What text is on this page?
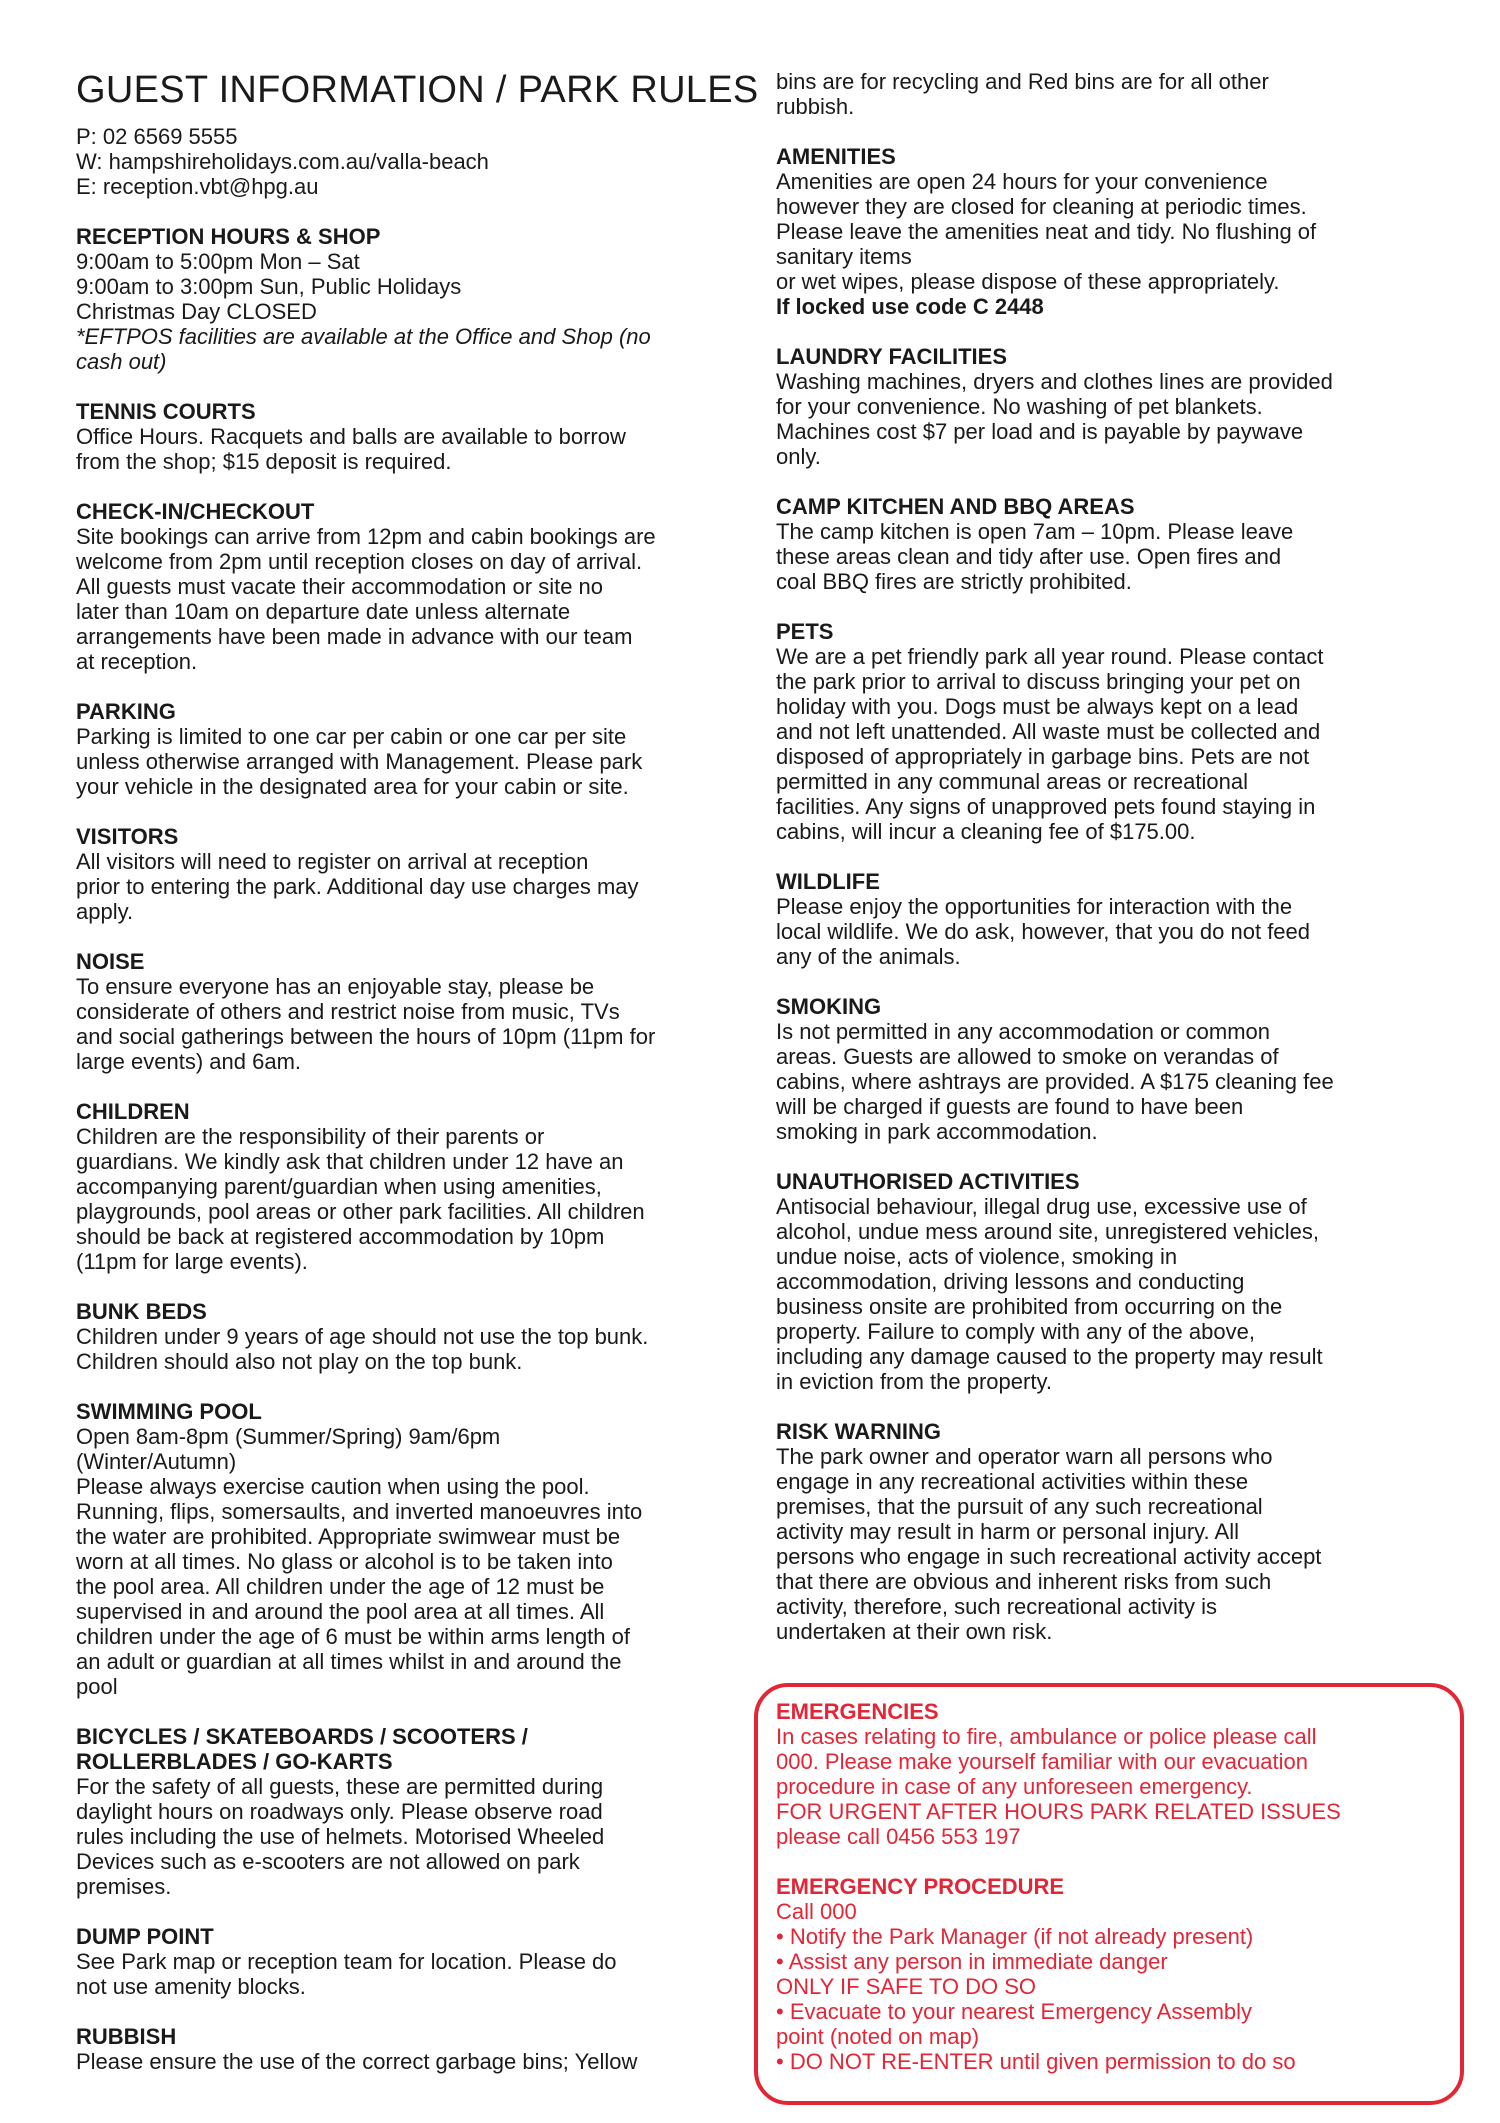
GUEST INFORMATION / PARK RULES
P: 02 6569 5555
W: hampshireholidays.com.au/valla-beach
E: reception.vbt@hpg.au
RECEPTION HOURS & SHOP

9:00am to 5:00pm Mon – Sat
9:00am to 3:00pm Sun, Public Holidays
Christmas Day CLOSED

*EFTPOS facilities are available at the Office and Shop (no
cash out)

TENNIS COURTS

Office Hours. Racquets and balls are available to borrow
from the shop; $15 deposit is required.

CHECK-IN/CHECKOUT

Site bookings can arrive from 12pm and cabin bookings are
welcome from 2pm until reception closes on day of arrival.
All guests must vacate their accommodation or site no
later than 10am on departure date unless alternate
arrangements have been made in advance with our team
at reception.

PARKING

Parking is limited to one car per cabin or one car per site
unless otherwise arranged with Management. Please park
your vehicle in the designated area for your cabin or site.

VISITORS

All visitors will need to register on arrival at reception
prior to entering the park. Additional day use charges may
apply.

NOISE

To ensure everyone has an enjoyable stay, please be
considerate of others and restrict noise from music, TVs
and social gatherings between the hours of 10pm (11pm for
large events) and 6am.

CHILDREN

Children are the responsibility of their parents or
guardians. We kindly ask that children under 12 have an
accompanying parent/guardian when using amenities,
playgrounds, pool areas or other park facilities. All children
should be back at registered accommodation by 10pm
(11pm for large events).

BUNK BEDS

Children under 9 years of age should not use the top bunk.
Children should also not play on the top bunk.

SWIMMING POOL

Open 8am-8pm (Summer/Spring) 9am/6pm
(Winter/Autumn)
Please always exercise caution when using the pool.
Running, flips, somersaults, and inverted manoeuvres into
the water are prohibited. Appropriate swimwear must be
worn at all times. No glass or alcohol is to be taken into
the pool area. All children under the age of 12 must be
supervised in and around the pool area at all times. All
children under the age of 6 must be within arms length of
an adult or guardian at all times whilst in and around the
pool

BICYCLES / SKATEBOARDS / SCOOTERS /
ROLLERBLADES / GO-KARTS

For the safety of all guests, these are permitted during
daylight hours on roadways only. Please observe road
rules including the use of helmets. Motorised Wheeled
Devices such as e-scooters are not allowed on park
premises.

DUMP POINT

See Park map or reception team for location. Please do
not use amenity blocks.

RUBBISH

Please ensure the use of the correct garbage bins; Yellow

bins are for recycling and Red bins are for all other
rubbish.

AMENITIES

Amenities are open 24 hours for your convenience
however they are closed for cleaning at periodic times.
Please leave the amenities neat and tidy. No flushing of
sanitary items
or wet wipes, please dispose of these appropriately.

If locked use code C 2448

LAUNDRY FACILITIES

Washing machines, dryers and clothes lines are provided
for your convenience. No washing of pet blankets.
Machines cost $7 per load and is payable by paywave
only.

CAMP KITCHEN AND BBQ AREAS

The camp kitchen is open 7am – 10pm. Please leave
these areas clean and tidy after use. Open fires and
coal BBQ fires are strictly prohibited.

PETS

We are a pet friendly park all year round. Please contact
the park prior to arrival to discuss bringing your pet on
holiday with you. Dogs must be always kept on a lead
and not left unattended. All waste must be collected and
disposed of appropriately in garbage bins. Pets are not
permitted in any communal areas or recreational
facilities. Any signs of unapproved pets found staying in
cabins, will incur a cleaning fee of $175.00.

WILDLIFE

Please enjoy the opportunities for interaction with the
local wildlife. We do ask, however, that you do not feed
any of the animals.

SMOKING

Is not permitted in any accommodation or common
areas. Guests are allowed to smoke on verandas of
cabins, where ashtrays are provided. A $175 cleaning fee
will be charged if guests are found to have been
smoking in park accommodation.

UNAUTHORISED ACTIVITIES

Antisocial behaviour, illegal drug use, excessive use of
alcohol, undue mess around site, unregistered vehicles,
undue noise, acts of violence, smoking in
accommodation, driving lessons and conducting
business onsite are prohibited from occurring on the
property. Failure to comply with any of the above,
including any damage caused to the property may result
in eviction from the property.

RISK WARNING

The park owner and operator warn all persons who
engage in any recreational activities within these
premises, that the pursuit of any such recreational
activity may result in harm or personal injury. All
persons who engage in such recreational activity accept
that there are obvious and inherent risks from such
activity, therefore, such recreational activity is
undertaken at their own risk.

EMERGENCIES

In cases relating to fire, ambulance or police please call
000. Please make yourself familiar with our evacuation
procedure in case of any unforeseen emergency.
FOR URGENT AFTER HOURS PARK RELATED ISSUES
please call 0456 553 197

EMERGENCY PROCEDURE

Call 000
• Notify the Park Manager (if not already present)
• Assist any person in immediate danger
ONLY IF SAFE TO DO SO
• Evacuate to your nearest Emergency Assembly
point (noted on map)
• DO NOT RE-ENTER until given permission to do so
